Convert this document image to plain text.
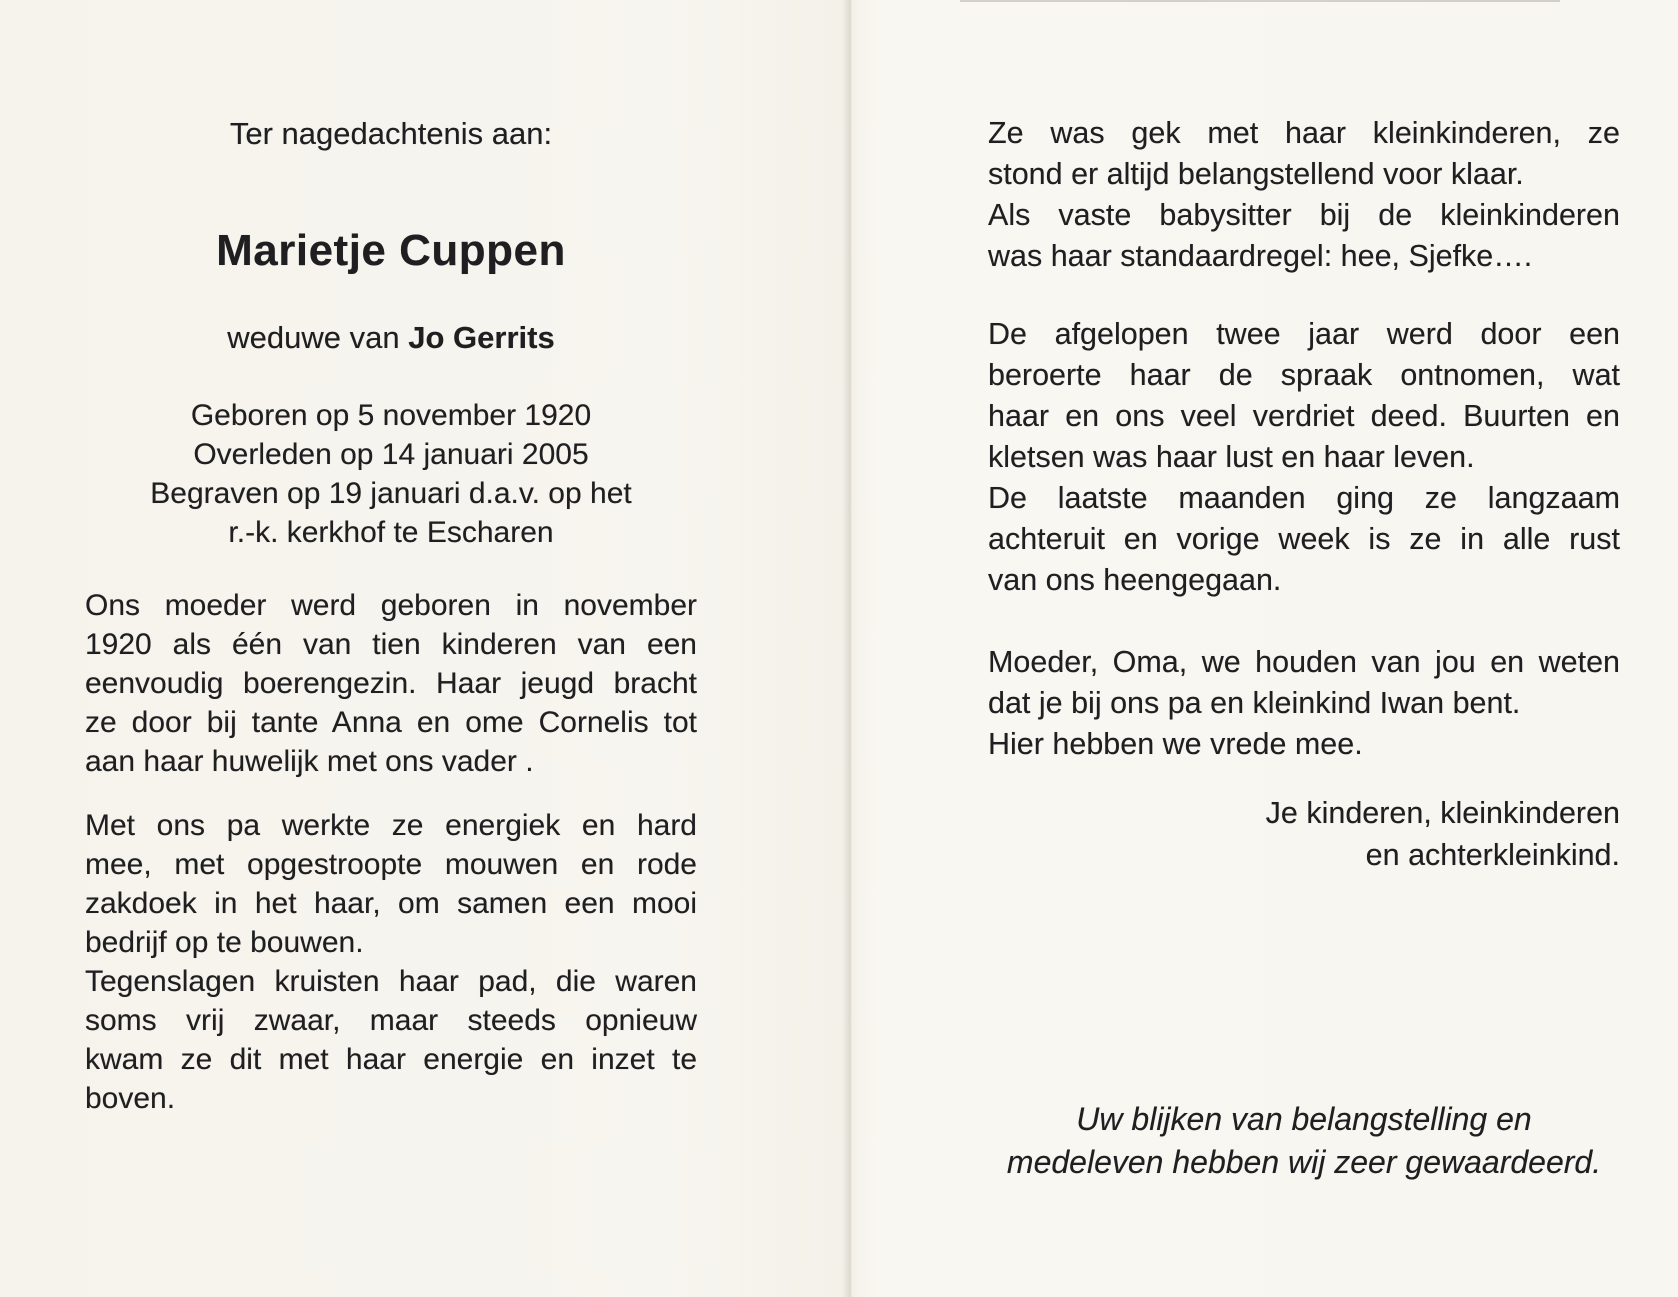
Ter nagedachtenis aan:
Marietje Cuppen
weduwe van Jo Gerrits
Geboren op 5 november 1920
Overleden op 14 januari 2005
Begraven op 19 januari d.a.v. op het
r.-k. kerkhof te Escharen
Ons moeder werd geboren in november
1920 als één van tien kinderen van een
eenvoudig boerengezin. Haar jeugd bracht
ze door bij tante Anna en ome Cornelis tot
aan haar huwelijk met ons vader .
Met ons pa werkte ze energiek en hard
mee, met opgestroopte mouwen en rode
zakdoek in het haar, om samen een mooi
bedrijf op te bouwen.
Tegenslagen kruisten haar pad, die waren
soms vrij zwaar, maar steeds opnieuw
kwam ze dit met haar energie en inzet te
boven.
Ze was gek met haar kleinkinderen, ze
stond er altijd belangstellend voor klaar.
Als vaste babysitter bij de kleinkinderen
was haar standaardregel: hee, Sjefke….
De afgelopen twee jaar werd door een
beroerte haar de spraak ontnomen, wat
haar en ons veel verdriet deed. Buurten en
kletsen was haar lust en haar leven.
De laatste maanden ging ze langzaam
achteruit en vorige week is ze in alle rust
van ons heengegaan.
Moeder, Oma, we houden van jou en weten
dat je bij ons pa en kleinkind Iwan bent.
Hier hebben we vrede mee.
Je kinderen, kleinkinderen
en achterkleinkind.
Uw blijken van belangstelling en
medeleven hebben wij zeer gewaardeerd.
